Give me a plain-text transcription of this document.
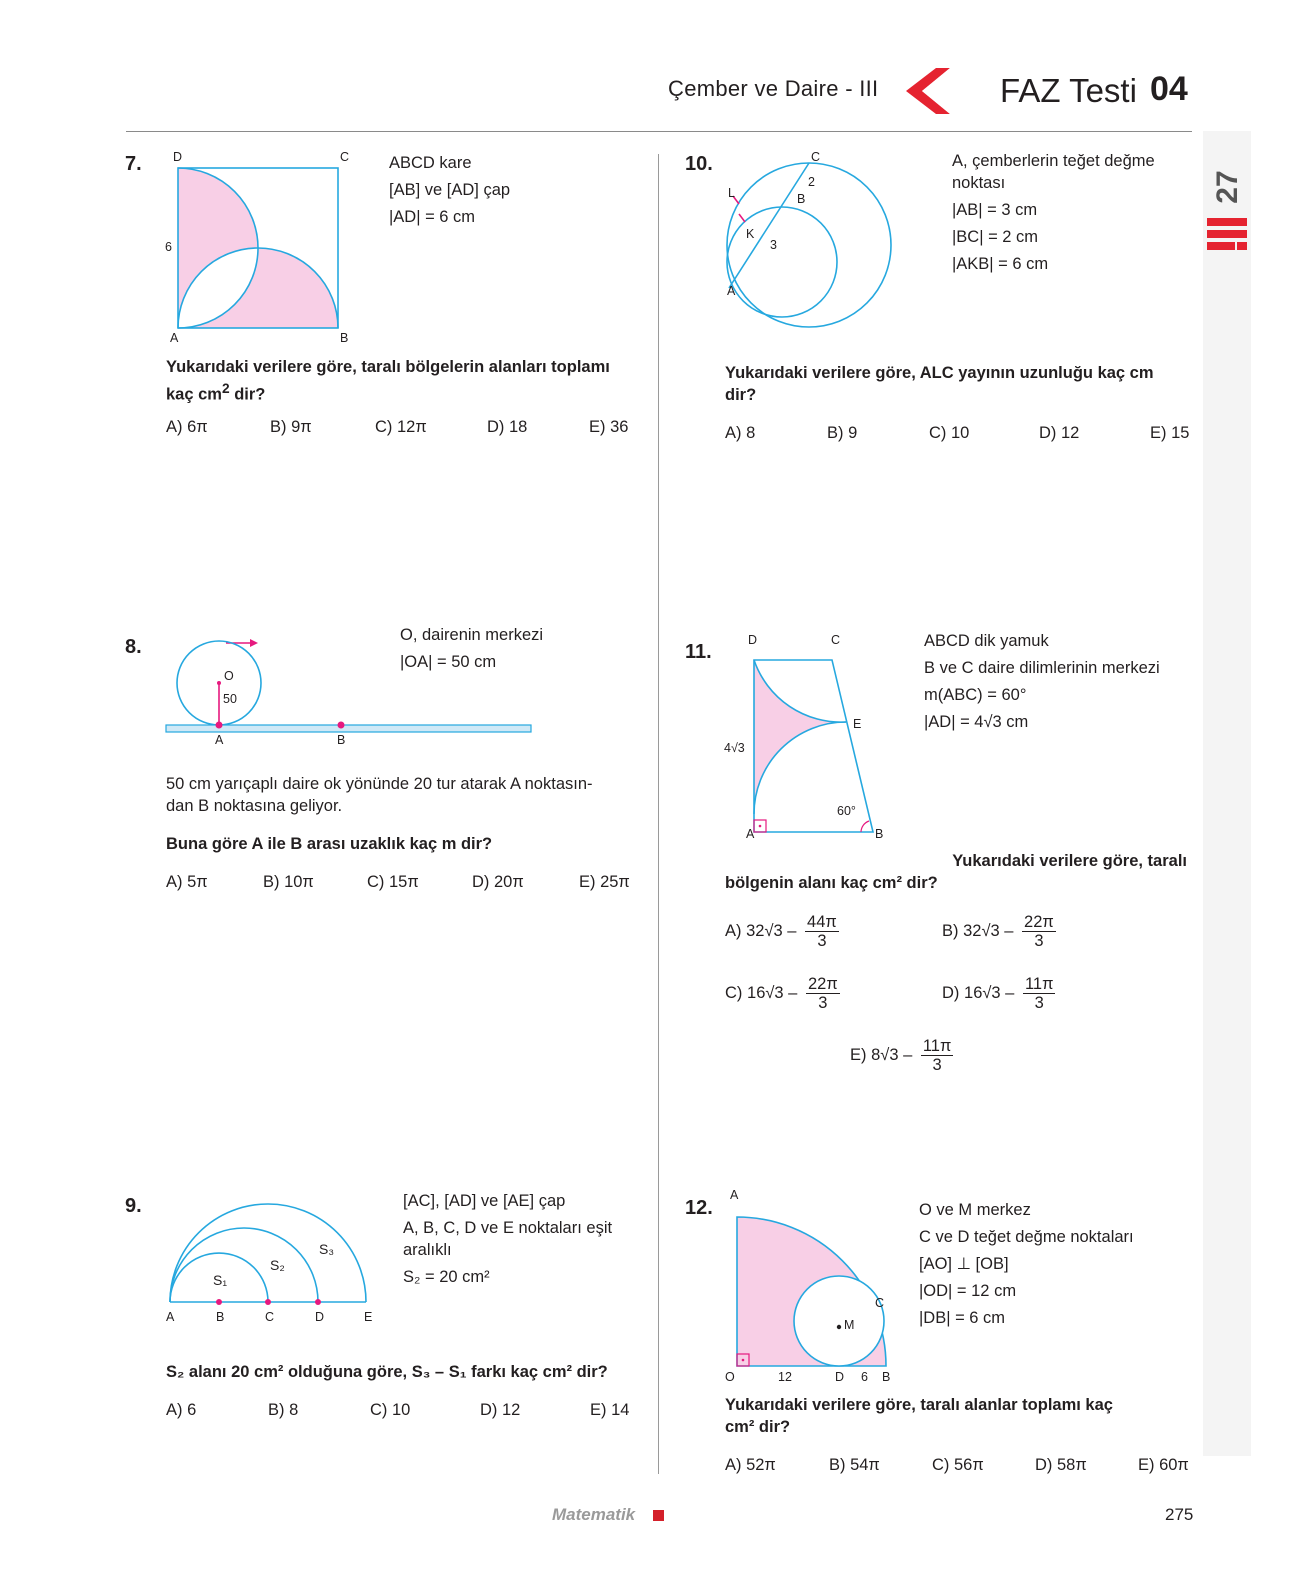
Çember ve Daire - III	FAZ Testi 04
27
7.	D	C
A	B
6
ABCD kare
[AB] ve [AD] çap
|AD| = 6 cm
Yukarıdaki verilere göre, taralı bölgelerin alanları toplamı
kaç $cm^2$ dir?
A) 6π	B) 9π	C) 12π	D) 18	E) 36
8.
O
50
A	B
O, dairenin merkezi
|OA| = 50 cm
50 cm yarıçaplı daire ok yönünde 20 tur atarak A noktasın-
dan B noktasına geliyor.
Buna göre A ile B arası uzaklık kaç m dir?
A) 5π	B) 10π	C) 15π	D) 20π	E) 25π
9.
A	B	C	D	E
S₁
S₂
S₃
[AC], [AD] ve [AE] çap
A, B, C, D ve E noktaları eşit
aralıklı
S₂ = 20 cm²
S₂ alanı 20 cm² olduğuna göre, S₃ – S₁ farkı kaç cm² dir?
A) 6	B) 8	C) 10	D) 12	E) 14
10.	C
2
B
L
K
3
A
A, çemberlerin teğet değme
noktası
|AB| = 3 cm
|BC| = 2 cm
|AKB| = 6 cm
Yukarıdaki verilere göre, ALC yayının uzunluğu kaç cm
dir?
A) 8	B) 9	C) 10	D) 12	E) 15
11.
D	C
E
4√3
60°
A	B
ABCD dik yamuk
B ve C daire dilimlerinin merkezi
m(ABC) = 60°
|AD| = 4√3 cm
Yukarıdaki verilere göre, taralı
bölgenin alanı kaç cm² dir?
A) $32√3 - \frac{44\pi}{3}$	B) $32√3 - \frac{22\pi}{3}$
C) $16√3 - \frac{22\pi}{3}$	D) $16√3 - \frac{11\pi}{3}$
E) $8√3 - \frac{11\pi}{3}$
12.
A
C
M
O	12	D 6 B
O ve M merkez
C ve D teğet değme noktaları
[AO] ⊥ [OB]
|OD| = 12 cm
|DB| = 6 cm
Yukarıdaki verilere göre, taralı alanlar toplamı kaç
cm² dir?
A) 52π	B) 54π	C) 56π	D) 58π	E) 60π
Matematik	275
